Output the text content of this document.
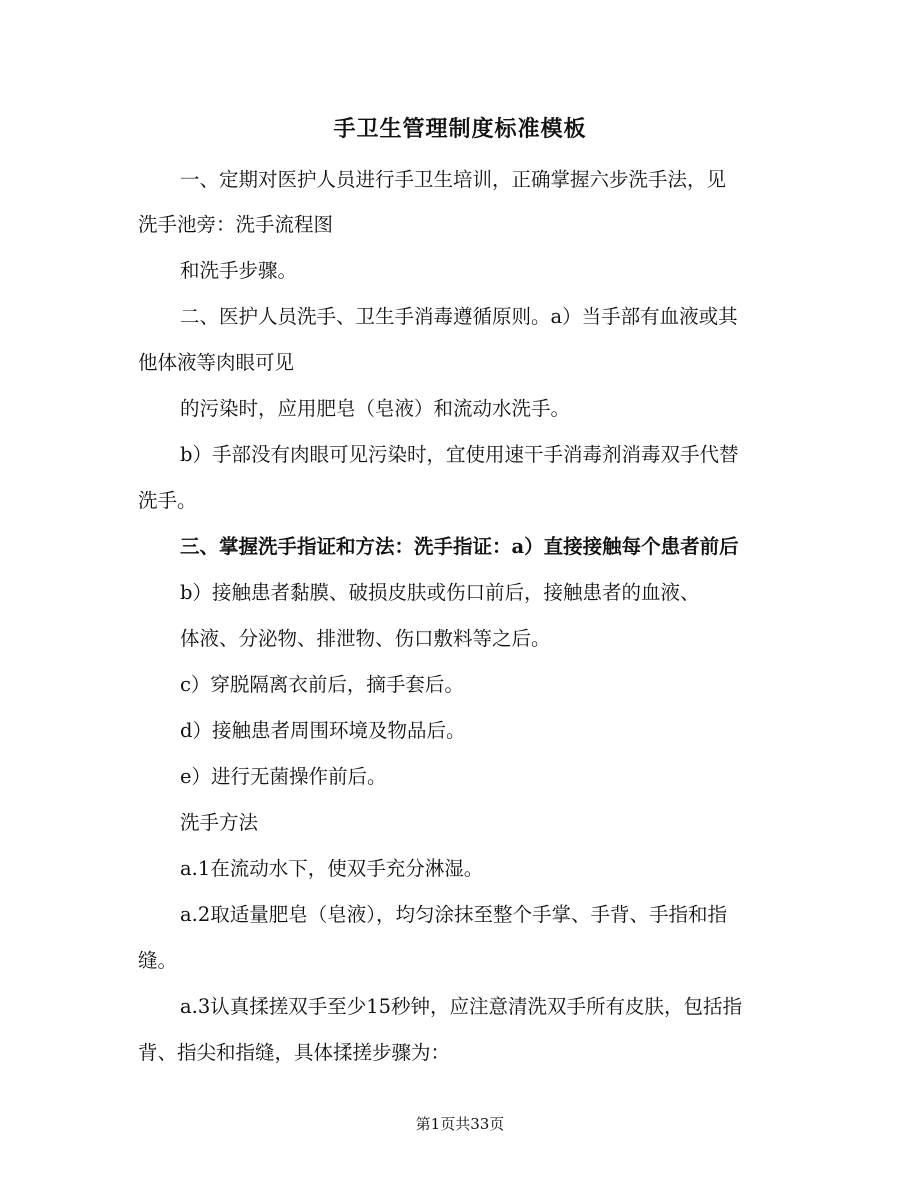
手卫生管理制度标准模板
一、定期对医护人员进行手卫生培训，正确掌握六步洗手法，见
洗手池旁：洗手流程图
和洗手步骤。
二、医护人员洗手、卫生手消毒遵循原则。a）当手部有血液或其
他体液等肉眼可见
的污染时，应用肥皂（皂液）和流动水洗手。
b）手部没有肉眼可见污染时，宜使用速干手消毒剂消毒双手代替
洗手。
三、掌握洗手指证和方法：洗手指证：a）直接接触每个患者前后
b）接触患者黏膜、破损皮肤或伤口前后，接触患者的血液、
体液、分泌物、排泄物、伤口敷料等之后。
c）穿脱隔离衣前后，摘手套后。
d）接触患者周围环境及物品后。
e）进行无菌操作前后。
洗手方法
a.1在流动水下，使双手充分淋湿。
a.2取适量肥皂（皂液），均匀涂抹至整个手掌、手背、手指和指
缝。
a.3认真揉搓双手至少15秒钟，应注意清洗双手所有皮肤，包括指
背、指尖和指缝，具体揉搓步骤为：
第1页共33页
